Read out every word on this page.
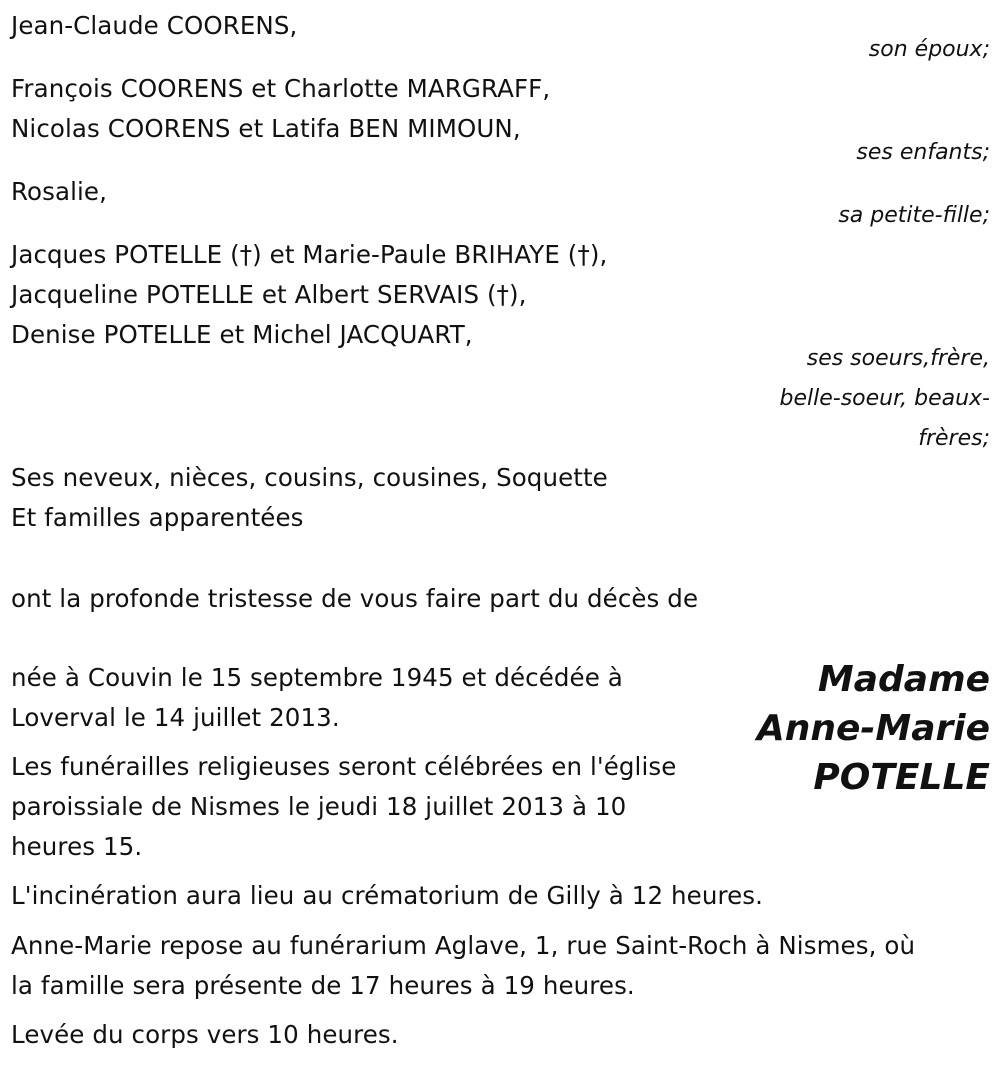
Jean-Claude COORENS,
son époux;
François COORENS et Charlotte MARGRAFF,
Nicolas COORENS et Latifa BEN MIMOUN,
ses enfants;
Rosalie,
sa petite-fille;
Jacques POTELLE (†) et Marie-Paule BRIHAYE (†),
Jacqueline POTELLE et Albert SERVAIS (†),
Denise POTELLE et Michel JACQUART,
ses soeurs,frère,
belle-soeur, beaux-
frères;
Ses neveux, nièces, cousins, cousines, Soquette
Et familles apparentées
ont la profonde tristesse de vous faire part du décès de
Madame
Anne-Marie
POTELLE
née à Couvin le 15 septembre 1945 et décédée à
Loverval le 14 juillet 2013.
Les funérailles religieuses seront célébrées en l'église
paroissiale de Nismes le jeudi 18 juillet 2013 à 10
heures 15.
L'incinération aura lieu au crématorium de Gilly à 12 heures.
Anne-Marie repose au funérarium Aglave, 1, rue Saint-Roch à Nismes, où
la famille sera présente de 17 heures à 19 heures.
Levée du corps vers 10 heures.
